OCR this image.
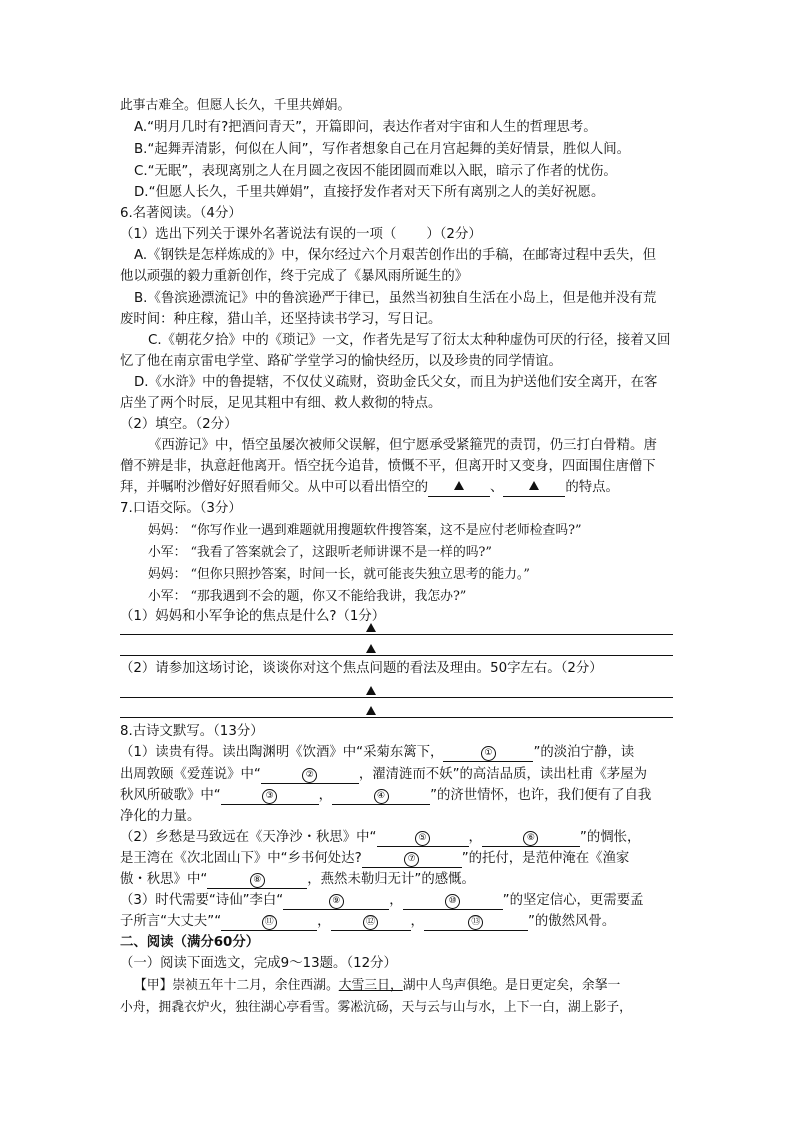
此事古难全。但愿人长久，千里共婵娟。
A.“明月几时有?把酒问青天”，开篇即问，表达作者对宇宙和人生的哲理思考。
B.“起舞弄清影，何似在人间”，写作者想象自己在月宫起舞的美好情景，胜似人间。
C.“无眠”，表现离别之人在月圆之夜因不能团圆而难以入眠，暗示了作者的忧伤。
D.“但愿人长久，千里共婵娟”，直接抒发作者对天下所有离别之人的美好祝愿。
6.名著阅读。（4分）
（1）选出下列关于课外名著说法有误的一项（ ）（2分）
A.《钢铁是怎样炼成的》中，保尔经过六个月艰苦创作出的手稿，在邮寄过程中丢失，但
他以顽强的毅力重新创作，终于完成了《暴风雨所诞生的》
B.《鲁滨逊漂流记》中的鲁滨逊严于律已，虽然当初独自生活在小岛上，但是他并没有荒
废时间：种庄稼，猎山羊，还坚持读书学习，写日记。
C.《朝花夕拾》中的《琐记》一文，作者先是写了衍太太种种虚伪可厌的行径，接着又回
忆了他在南京雷电学堂、路矿学堂学习的愉快经历，以及珍贵的同学情谊。
D.《水浒》中的鲁提辖，不仅仗义疏财，资助金氏父女，而且为护送他们安全离开，在客
店坐了两个时辰，足见其粗中有细、救人救彻的特点。
（2）填空。（2分）
《西游记》中，悟空虽屡次被师父误解，但宁愿承受紧箍咒的责罚，仍三打白骨精。唐
僧不辨是非，执意赶他离开。悟空抚今追昔，愤慨不平，但离开时又变身，四面围住唐僧下
拜，并嘱咐沙僧好好照看师父。从中可以看出悟空的	、	的特点。
7.口语交际。（3分）
妈妈： “你写作业一遇到难题就用搜题软件搜答案，这不是应付老师检查吗?”
小军： “我看了答案就会了，这跟听老师讲课不是一样的吗?”
妈妈： “但你只照抄答案，时间一长，就可能丧失独立思考的能力。”
小军： “那我遇到不会的题，你又不能给我讲，我怎办?”
（1）妈妈和小军争论的焦点是什么?（1分）
（2）请参加这场讨论，谈谈你对这个焦点问题的看法及理由。50字左右。（2分）
8.古诗文默写。（13分）
（1）读贵有得。读出陶渊明《饮酒》中“采菊东篱下，	①	”的淡泊宁静，读
出周敦颐《爱莲说》中“	②	，濯清涟而不妖”的高洁品质，读出杜甫《茅屋为
秋风所破歌》中“	③	，	④	”的济世情怀，也许，我们便有了自我
净化的力量。
（2）乡愁是马致远在《天净沙・秋思》中“	⑤	，	⑥	”的惆怅，
是王湾在《次北固山下》中“乡书何处达?	⑦	”的托付，是范仲淹在《渔家
傲・秋思》中“	⑧	，燕然未勒归无计”的感慨。
（3）时代需要“诗仙”李白“	⑨	，	⑩	”的坚定信心，更需要孟
子所言“大丈夫”“	⑪	，	⑫	，	⑬	”的傲然风骨。
二、阅读（满分60分）
（一）阅读下面选文，完成9～13题。（12分）
【甲】崇祯五年十二月，余住西湖。大雪三日，湖中人鸟声俱绝。是日更定矣，余拏一
小舟，拥毳衣炉火，独往湖心亭看雪。雾凇沆砀，天与云与山与水，上下一白，湖上影子，
